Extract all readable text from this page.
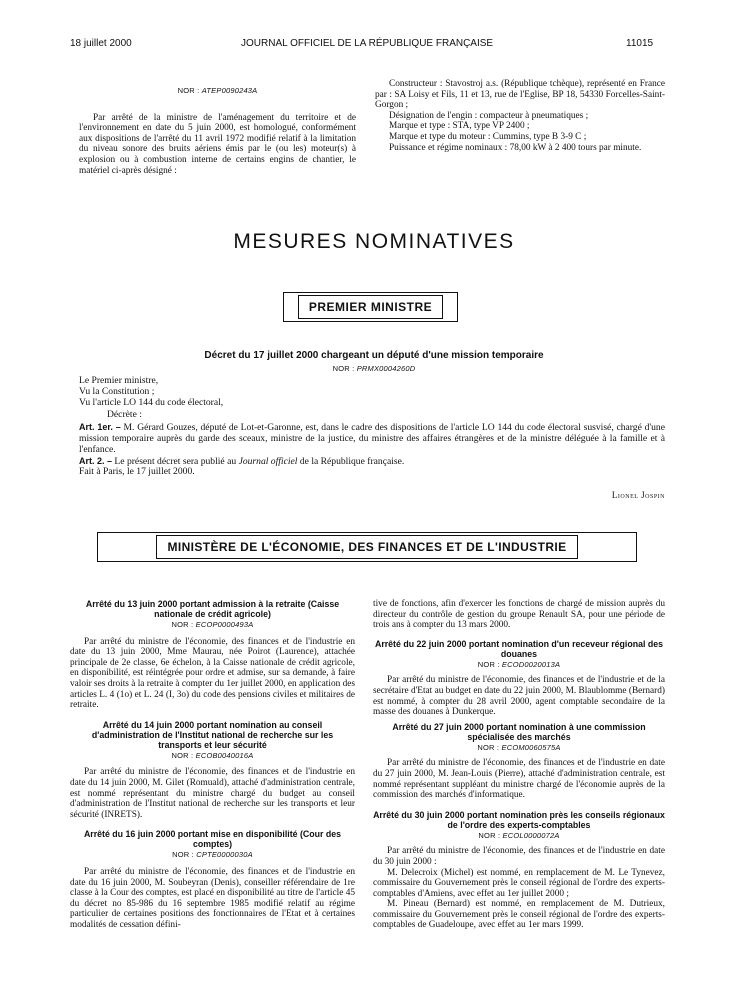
18 juillet 2000	JOURNAL OFFICIEL DE LA RÉPUBLIQUE FRANÇAISE	11015
NOR : ATEP0090243A

Par arrêté de la ministre de l'aménagement du territoire et de l'environnement en date du 5 juin 2000, est homologué, conformément aux dispositions de l'arrêté du 11 avril 1972 modifié relatif à la limitation du niveau sonore des bruits aériens émis par le (ou les) moteur(s) à explosion ou à combustion interne de certains engins de chantier, le matériel ci-après désigné :

Constructeur : Stavostroj a.s. (République tchèque), représenté en France par : SA Loisy et Fils, 11 et 13, rue de l'Eglise, BP 18, 54330 Forcelles-Saint-Gorgon ;

Désignation de l'engin : compacteur à pneumatiques ;

Marque et type : STA, type VP 2400 ;

Marque et type du moteur : Cummins, type B 3-9 C ;

Puissance et régime nominaux : 78,00 kW à 2 400 tours par minute.

MESURES NOMINATIVES
PREMIER MINISTRE
Décret du 17 juillet 2000 chargeant un député d'une mission temporaire
NOR : PRMX0004260D

Le Premier ministre,

Vu la Constitution ;

Vu l'article LO 144 du code électoral,

Décrète :

Art. 1er. – M. Gérard Gouzes, député de Lot-et-Garonne, est, dans le cadre des dispositions de l'article LO 144 du code électoral susvisé, chargé d'une mission temporaire auprès du garde des sceaux, ministre de la justice, du ministre des affaires étrangères et de la ministre déléguée à la famille et à l'enfance.

Art. 2. – Le présent décret sera publié au Journal officiel de la République française.

Fait à Paris, le 17 juillet 2000.

Lionel Jospin
MINISTÈRE DE L'ÉCONOMIE, DES FINANCES ET DE L'INDUSTRIE
Arrêté du 13 juin 2000 portant admission à la retraite (Caisse nationale de crédit agricole)
NOR : ECOP0000493A

Par arrêté du ministre de l'économie, des finances et de l'industrie en date du 13 juin 2000, Mme Maurau, née Poirot (Laurence), attachée principale de 2e classe, 6e échelon, à la Caisse nationale de crédit agricole, en disponibilité, est réintégrée pour ordre et admise, sur sa demande, à faire valoir ses droits à la retraite à compter du 1er juillet 2000, en application des articles L. 4 (1o) et L. 24 (I, 3o) du code des pensions civiles et militaires de retraite.

Arrêté du 14 juin 2000 portant nomination au conseil d'administration de l'Institut national de recherche sur les transports et leur sécurité
NOR : ECOB0040016A

Par arrêté du ministre de l'économie, des finances et de l'industrie en date du 14 juin 2000, M. Gilet (Romuald), attaché d'administration centrale, est nommé représentant du ministre chargé du budget au conseil d'administration de l'Institut national de recherche sur les transports et leur sécurité (INRETS).

Arrêté du 16 juin 2000 portant mise en disponibilité (Cour des comptes)
NOR : CPTE0000030A

Par arrêté du ministre de l'économie, des finances et de l'industrie en date du 16 juin 2000, M. Soubeyran (Denis), conseiller référendaire de 1re classe à la Cour des comptes, est placé en disponibilité au titre de l'article 45 du décret no 85-986 du 16 septembre 1985 modifié relatif au régime particulier de certaines positions des fonctionnaires de l'Etat et à certaines modalités de cessation défini-

tive de fonctions, afin d'exercer les fonctions de chargé de mission auprès du directeur du contrôle de gestion du groupe Renault SA, pour une période de trois ans à compter du 13 mars 2000.

Arrêté du 22 juin 2000 portant nomination d'un receveur régional des douanes
NOR : ECOD0020013A

Par arrêté du ministre de l'économie, des finances et de l'industrie et de la secrétaire d'Etat au budget en date du 22 juin 2000, M. Blaublomme (Bernard) est nommé, à compter du 28 avril 2000, agent comptable secondaire de la masse des douanes à Dunkerque.

Arrêté du 27 juin 2000 portant nomination à une commission spécialisée des marchés
NOR : ECOM0060575A

Par arrêté du ministre de l'économie, des finances et de l'industrie en date du 27 juin 2000, M. Jean-Louis (Pierre), attaché d'administration centrale, est nommé représentant suppléant du ministre chargé de l'économie auprès de la commission des marchés d'informatique.

Arrêté du 30 juin 2000 portant nomination près les conseils régionaux de l'ordre des experts-comptables
NOR : ECOL0000072A

Par arrêté du ministre de l'économie, des finances et de l'industrie en date du 30 juin 2000 :

M. Delecroix (Michel) est nommé, en remplacement de M. Le Tynevez, commissaire du Gouvernement près le conseil régional de l'ordre des experts-comptables d'Amiens, avec effet au 1er juillet 2000 ;

M. Pineau (Bernard) est nommé, en remplacement de M. Dutrieux, commissaire du Gouvernement près le conseil régional de l'ordre des experts-comptables de Guadeloupe, avec effet au 1er mars 1999.
